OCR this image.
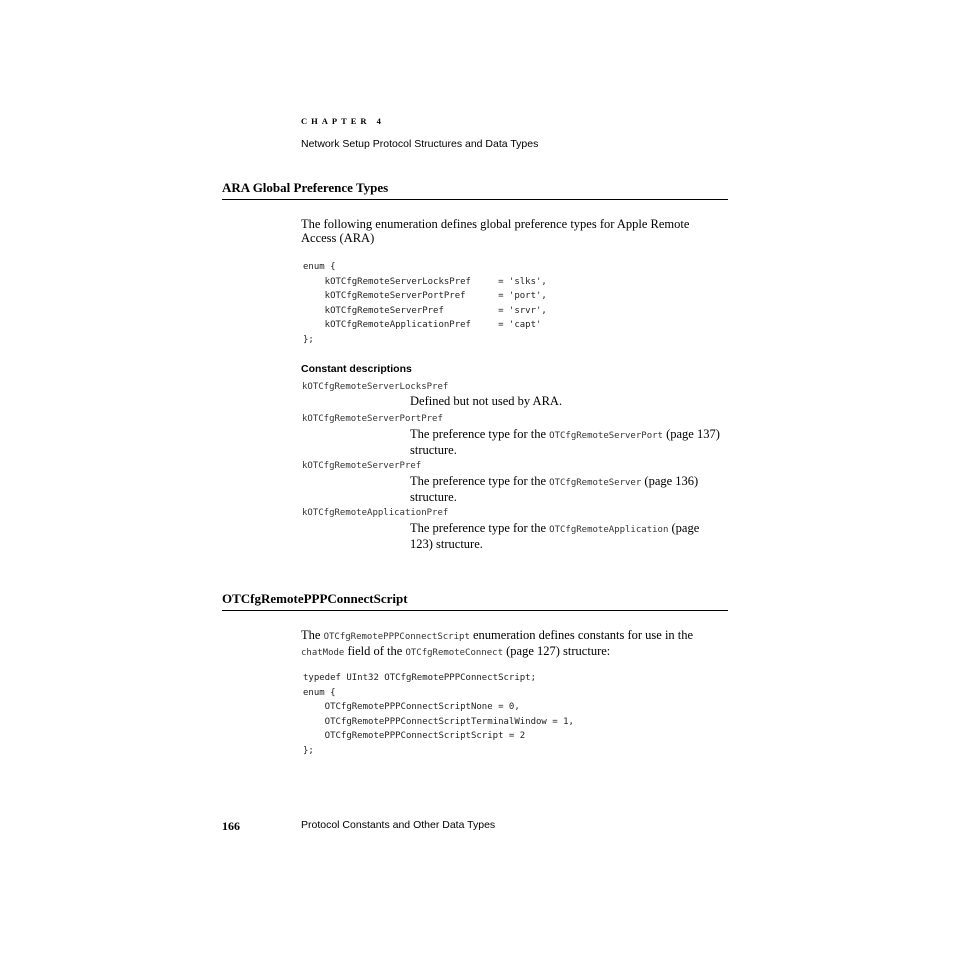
CHAPTER 4
Network Setup Protocol Structures and Data Types
ARA Global Preference Types
The following enumeration defines global preference types for Apple Remote Access (ARA)
enum {
kOTCfgRemoteServerLocksPref     = 'slks',
kOTCfgRemoteServerPortPref      = 'port',
kOTCfgRemoteServerPref          = 'srvr',
kOTCfgRemoteApplicationPref     = 'capt'
};
Constant descriptions
kOTCfgRemoteServerLocksPref
Defined but not used by ARA.
kOTCfgRemoteServerPortPref
The preference type for the OTCfgRemoteServerPort (page 137) structure.
kOTCfgRemoteServerPref
The preference type for the OTCfgRemoteServer (page 136) structure.
kOTCfgRemoteApplicationPref
The preference type for the OTCfgRemoteApplication (page 123) structure.
OTCfgRemotePPPConnectScript
The OTCfgRemotePPPConnectScript enumeration defines constants for use in the chatMode field of the OTCfgRemoteConnect (page 127) structure:
typedef UInt32 OTCfgRemotePPPConnectScript;
enum {
OTCfgRemotePPPConnectScriptNone = 0,
OTCfgRemotePPPConnectScriptTerminalWindow = 1,
OTCfgRemotePPPConnectScriptScript = 2
};
166	Protocol Constants and Other Data Types
